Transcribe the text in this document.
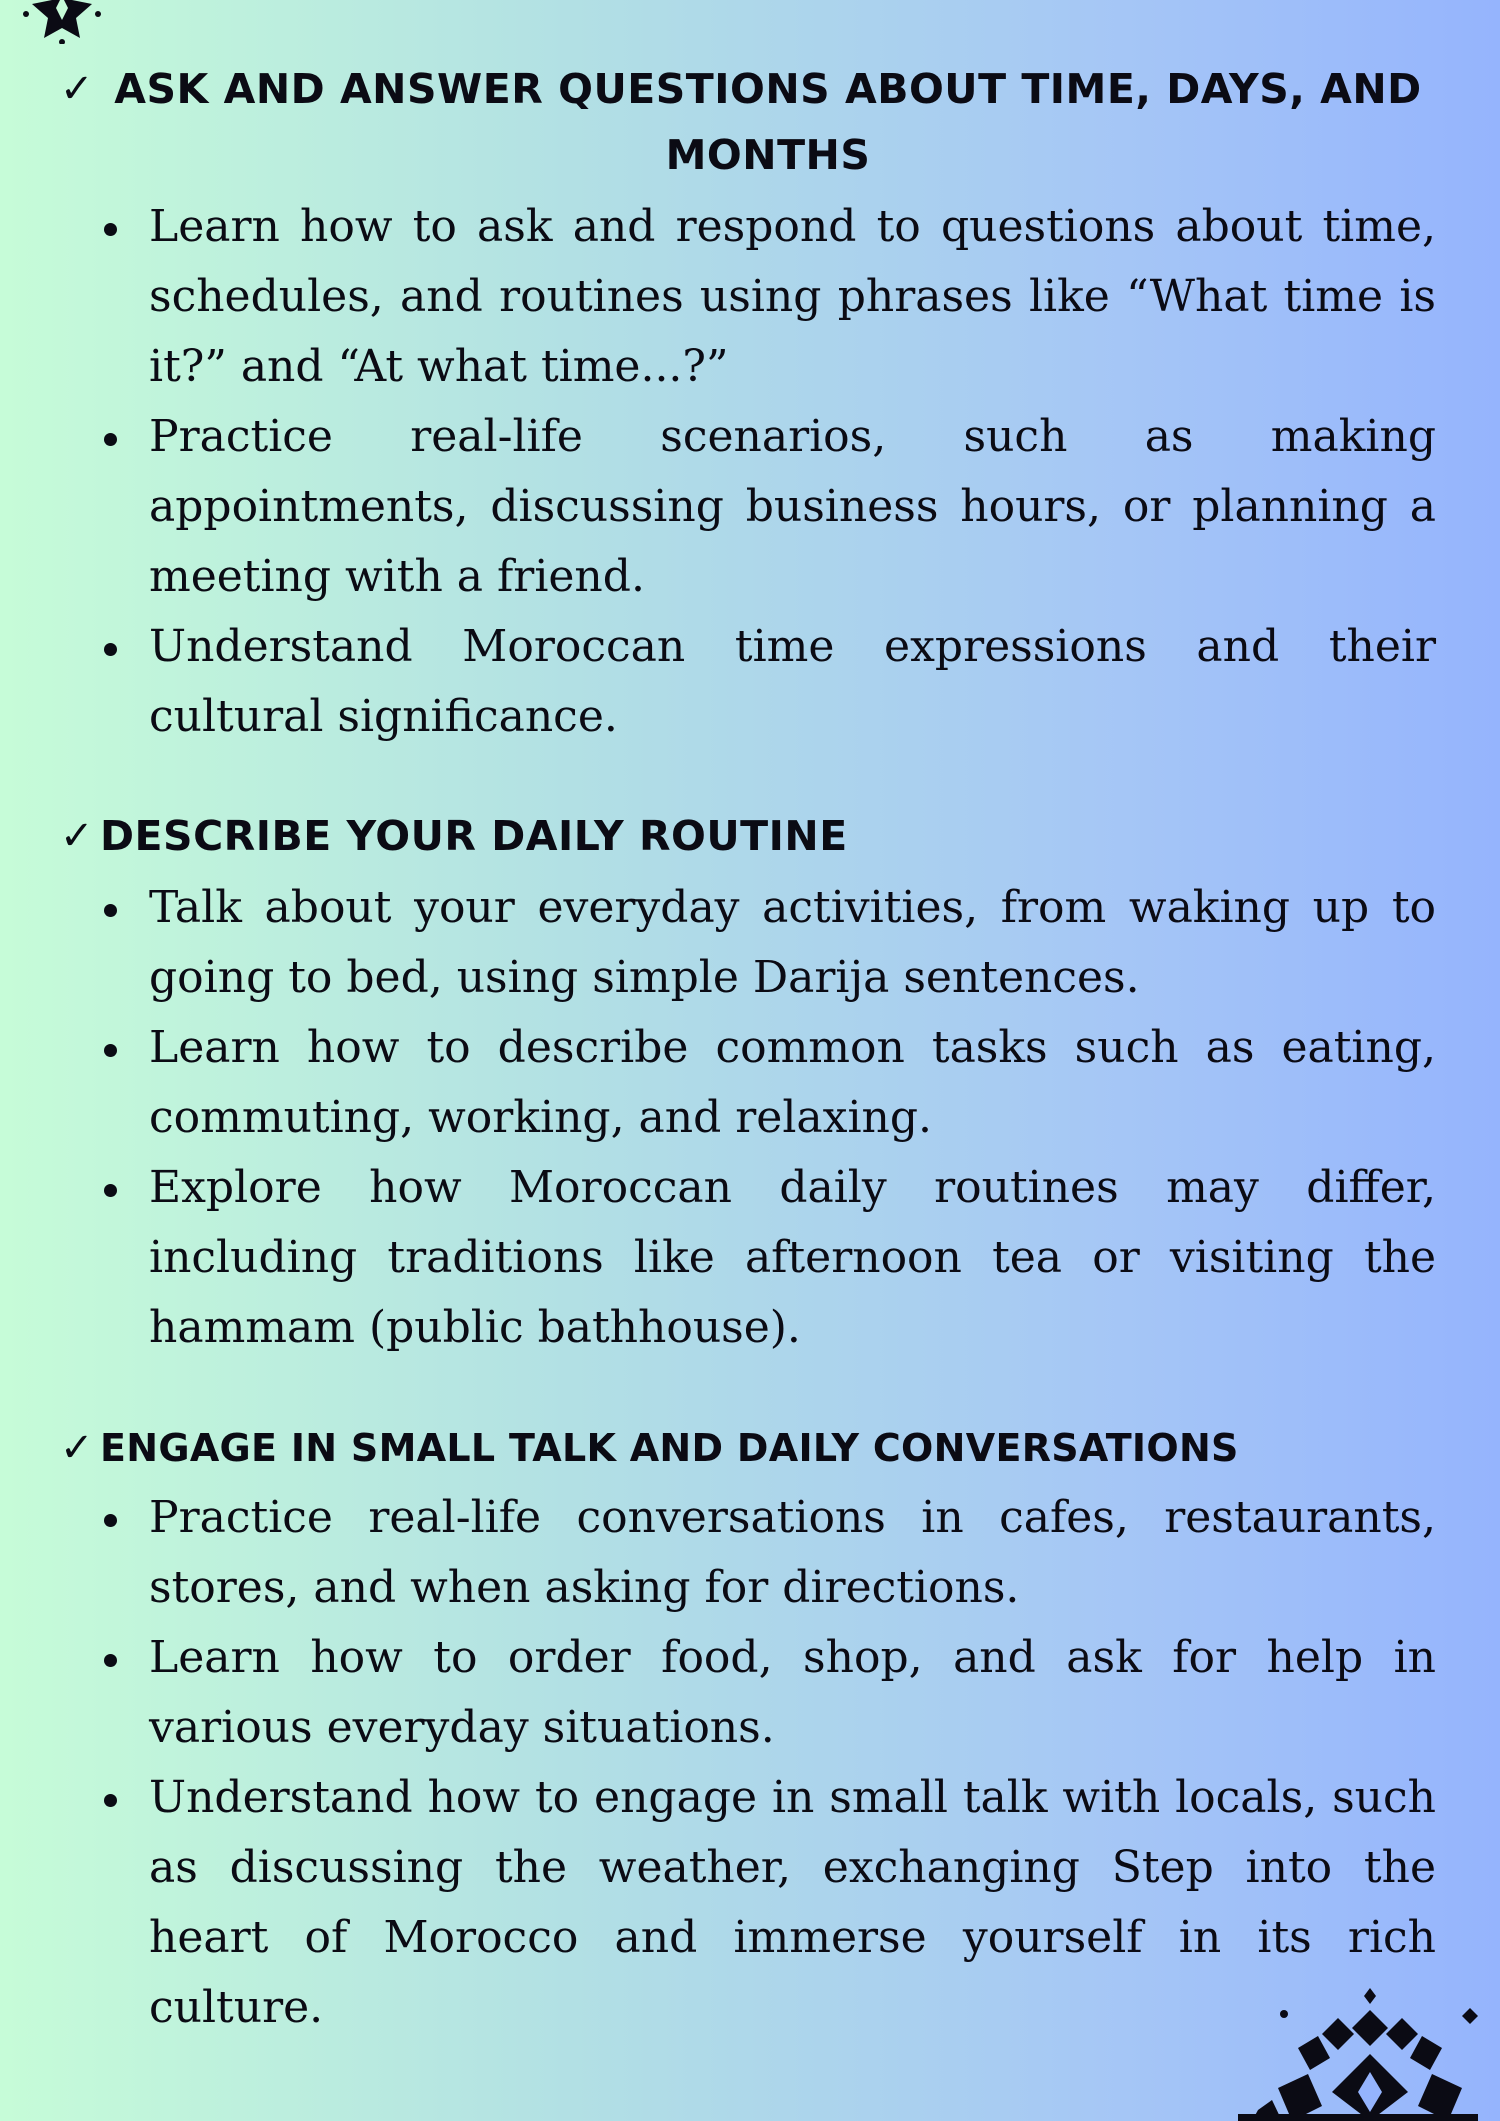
✓ ASK AND ANSWER QUESTIONS ABOUT TIME, DAYS, AND MONTHS
Learn how to ask and respond to questions about time, schedules, and routines using phrases like “What time is it?” and “At what time...?”
Practice real-life scenarios, such as making appointments, discussing business hours, or planning a meeting with a friend.
Understand Moroccan time expressions and their cultural significance.
✓ DESCRIBE YOUR DAILY ROUTINE
Talk about your everyday activities, from waking up to going to bed, using simple Darija sentences.
Learn how to describe common tasks such as eating, commuting, working, and relaxing.
Explore how Moroccan daily routines may differ, including traditions like afternoon tea or visiting the hammam (public bathhouse).
✓ ENGAGE IN SMALL TALK AND DAILY CONVERSATIONS
Practice real-life conversations in cafes, restaurants, stores, and when asking for directions.
Learn how to order food, shop, and ask for help in various everyday situations.
Understand how to engage in small talk with locals, such as discussing the weather, exchanging Step into the heart of Morocco and immerse yourself in its rich culture.
